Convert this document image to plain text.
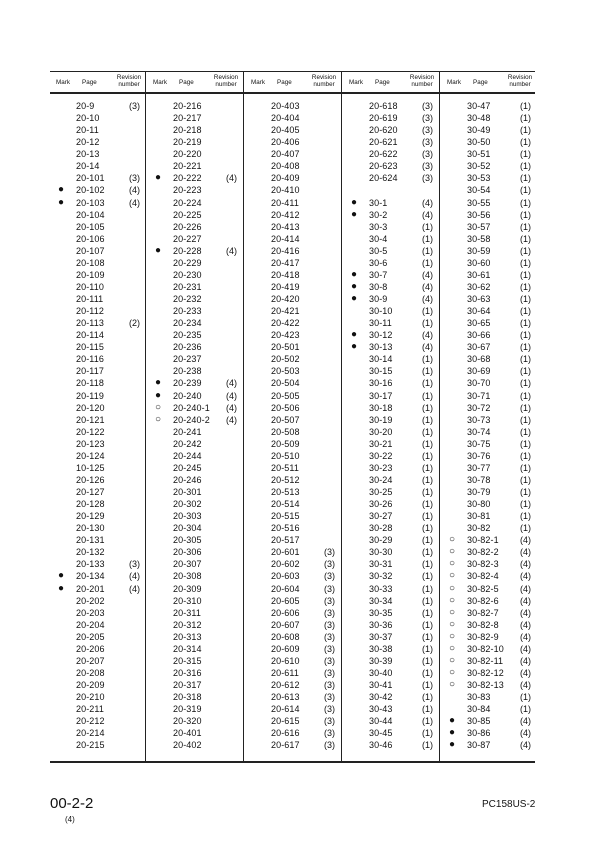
Mark Page
Revision number
20-9	(3)
20-10
20-11
20-12
20-13
20-14
20-101	(3)
● 20-102	(4)
● 20-103	(4)
20-104
20-105
20-106
20-107
20-108
20-109
20-110
20-111
20-112
20-113	(2)
20-114
20-115
20-116
20-117
20-118
20-119
20-120
20-121
20-122
20-123
20-124
10-125
20-126
20-127
20-128
20-129
20-130
20-131
20-132
20-133	(3)
● 20-134	(4)
● 20-201	(4)
20-202
20-203
20-204
20-205
20-206
20-207
20-208
20-209
20-210
20-211
20-212
20-214
20-215
Mark Page
Revision number
20-216
20-217
20-218
20-219
20-220
20-221
● 20-222	(4)
20-223
20-224
20-225
20-226
20-227
● 20-228	(4)
20-229
20-230
20-231
20-232
20-233
20-234
20-235
20-236
20-237
20-238
● 20-239	(4)
● 20-240	(4)
○ 20-240-1	(4)
○ 20-240-2	(4)
20-241
20-242
20-244
20-245
20-246
20-301
20-302
20-303
20-304
20-305
20-306
20-307
20-308
20-309
20-310
20-311
20-312
20-313
20-314
20-315
20-316
20-317
20-318
20-319
20-320
20-401
20-402
Mark Page
Revision number
20-403
20-404
20-405
20-406
20-407
20-408
20-409
20-410
20-411
20-412
20-413
20-414
20-416
20-417
20-418
20-419
20-420
20-421
20-422
20-423
20-501
20-502
20-503
20-504
20-505
20-506
20-507
20-508
20-509
20-510
20-511
20-512
20-513
20-514
20-515
20-516
20-517
20-601	(3)
20-602	(3)
20-603	(3)
20-604	(3)
20-605	(3)
20-606	(3)
20-607	(3)
20-608	(3)
20-609	(3)
20-610	(3)
20-611	(3)
20-612	(3)
20-613	(3)
20-614	(3)
20-615	(3)
20-616	(3)
20-617	(3)
Mark Page
Revision number
20-618	(3)
20-619	(3)
20-620	(3)
20-621	(3)
20-622	(3)
20-623	(3)
20-624	(3)
● 30-1	(4)
● 30-2	(4)
30-3	(1)
30-4	(1)
30-5	(1)
30-6	(1)
● 30-7	(4)
● 30-8	(4)
● 30-9	(4)
30-10	(1)
30-11	(1)
● 30-12	(4)
● 30-13	(4)
30-14	(1)
30-15	(1)
30-16	(1)
30-17	(1)
30-18	(1)
30-19	(1)
30-20	(1)
30-21	(1)
30-22	(1)
30-23	(1)
30-24	(1)
30-25	(1)
30-26	(1)
30-27	(1)
30-28	(1)
30-29	(1)
30-30	(1)
30-31	(1)
30-32	(1)
30-33	(1)
30-34	(1)
30-35	(1)
30-36	(1)
30-37	(1)
30-38	(1)
30-39	(1)
30-40	(1)
30-41	(1)
30-42	(1)
30-43	(1)
30-44	(1)
30-45	(1)
30-46	(1)
Mark Page
Revision number
30-47	(1)
30-48	(1)
30-49	(1)
30-50	(1)
30-51	(1)
30-52	(1)
30-53	(1)
30-54	(1)
30-55	(1)
30-56	(1)
30-57	(1)
30-58	(1)
30-59	(1)
30-60	(1)
30-61	(1)
30-62	(1)
30-63	(1)
30-64	(1)
30-65	(1)
30-66	(1)
30-67	(1)
30-68	(1)
30-69	(1)
30-70	(1)
30-71	(1)
30-72	(1)
30-73	(1)
30-74	(1)
30-75	(1)
30-76	(1)
30-77	(1)
30-78	(1)
30-79	(1)
30-80	(1)
30-81	(1)
30-82	(1)
○ 30-82-1	(4)
○ 30-82-2	(4)
○ 30-82-3	(4)
○ 30-82-4	(4)
○ 30-82-5	(4)
○ 30-82-6	(4)
○ 30-82-7	(4)
○ 30-82-8	(4)
○ 30-82-9	(4)
○ 30-82-10	(4)
○ 30-82-11	(4)
○ 30-82-12	(4)
○ 30-82-13	(4)
30-83	(1)
30-84	(1)
● 30-85	(4)
● 30-86	(4)
● 30-87	(4)
00-2-2
(4)
PC158US-2
